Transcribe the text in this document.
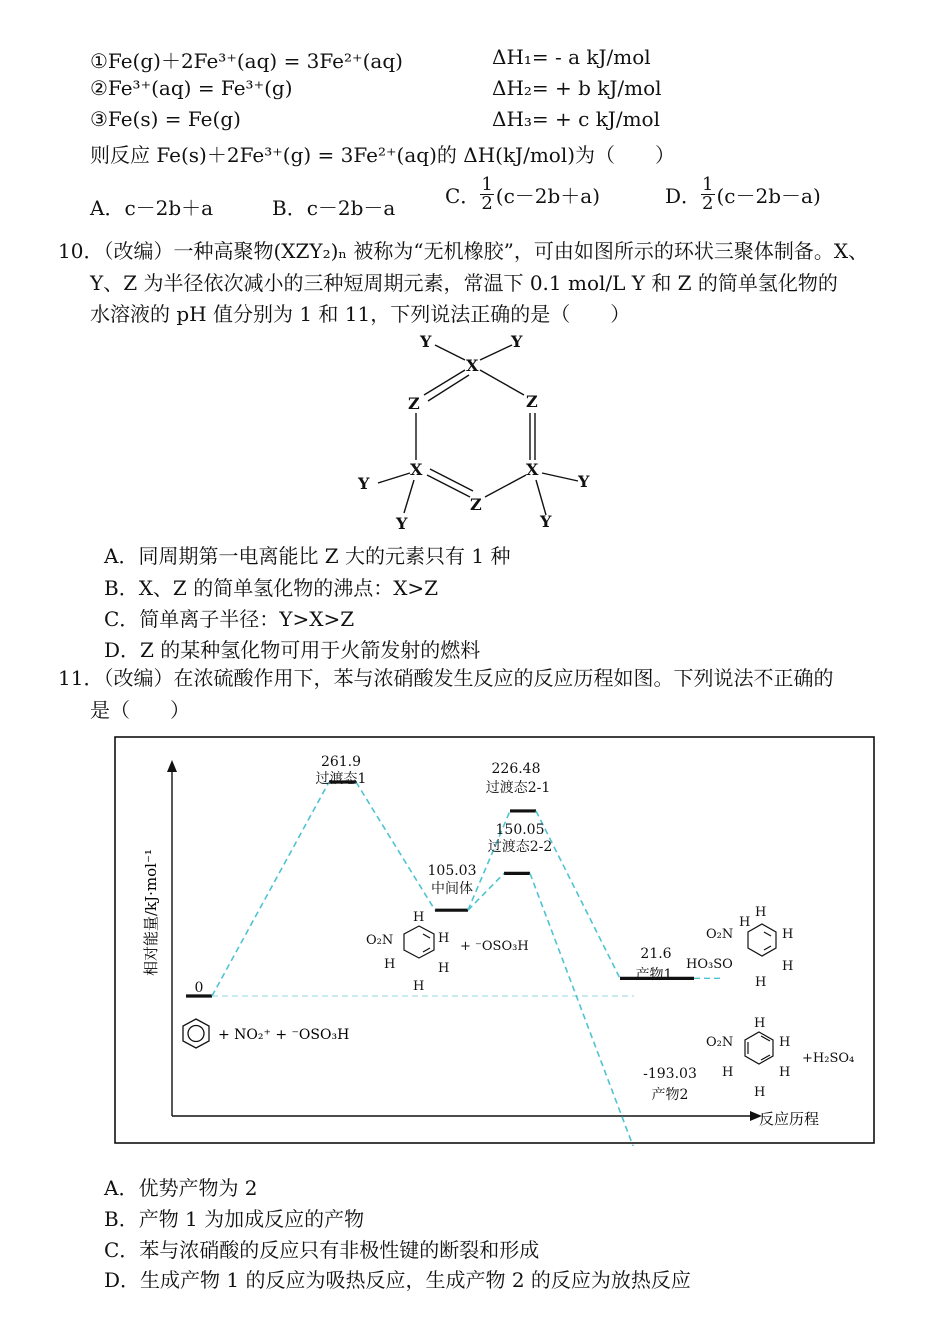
①Fe(g)＋2Fe³⁺(aq) = 3Fe²⁺(aq)	ΔH₁= - a kJ/mol
②Fe³⁺(aq) = Fe³⁺(g)	ΔH₂= + b kJ/mol
③Fe(s) = Fe(g)	ΔH₃= + c kJ/mol
则反应 Fe(s)＋2Fe³⁺(g) = 3Fe²⁺(aq)的 ΔH(kJ/mol)为（　　）
A．c－2b＋a	B．c－2b－a C． $\frac{1}{2} (c-2b+a)$	D． $\frac{1}{2} (c-2b-a)$
10．（改编）一种高聚物(XZY₂)ₙ 被称为“无机橡胶”，可由如图所示的环状三聚体制备。X、
Y、Z 为半径依次减小的三种短周期元素，常温下 0.1 mol/L Y 和 Z 的简单氢化物的
水溶液的 pH 值分别为 1 和 11，下列说法正确的是（　　）
X
Y	Y
Z	Z
X	X
Z
Y
Y
Y
Y
A．同周期第一电离能比 Z 大的元素只有 1 种
B．X、Z 的简单氢化物的沸点：X>Z
C．简单离子半径：Y>X>Z
D．Z 的某种氢化物可用于火箭发射的燃料
11．（改编）在浓硫酸作用下，苯与浓硝酸发生反应的反应历程如图。下列说法不正确的
是（　　）
相对能量/kJ·mol⁻¹
反应历程
0
261.9
过渡态1
105.03
中间体
226.48
过渡态2-1
150.05
过渡态2-2
21.6
产物1
-193.03
产物2
+ NO₂⁺ + ⁻OSO₃H
O₂N
H
H
H	H
H
+ ⁻OSO₃H
O₂N
H
H
H
HO₃SO	H
H
O₂N
H
H
H	H
H
+H₂SO₄
A．优势产物为 2
B．产物 1 为加成反应的产物
C．苯与浓硝酸的反应只有非极性键的断裂和形成
D．生成产物 1 的反应为吸热反应，生成产物 2 的反应为放热反应
